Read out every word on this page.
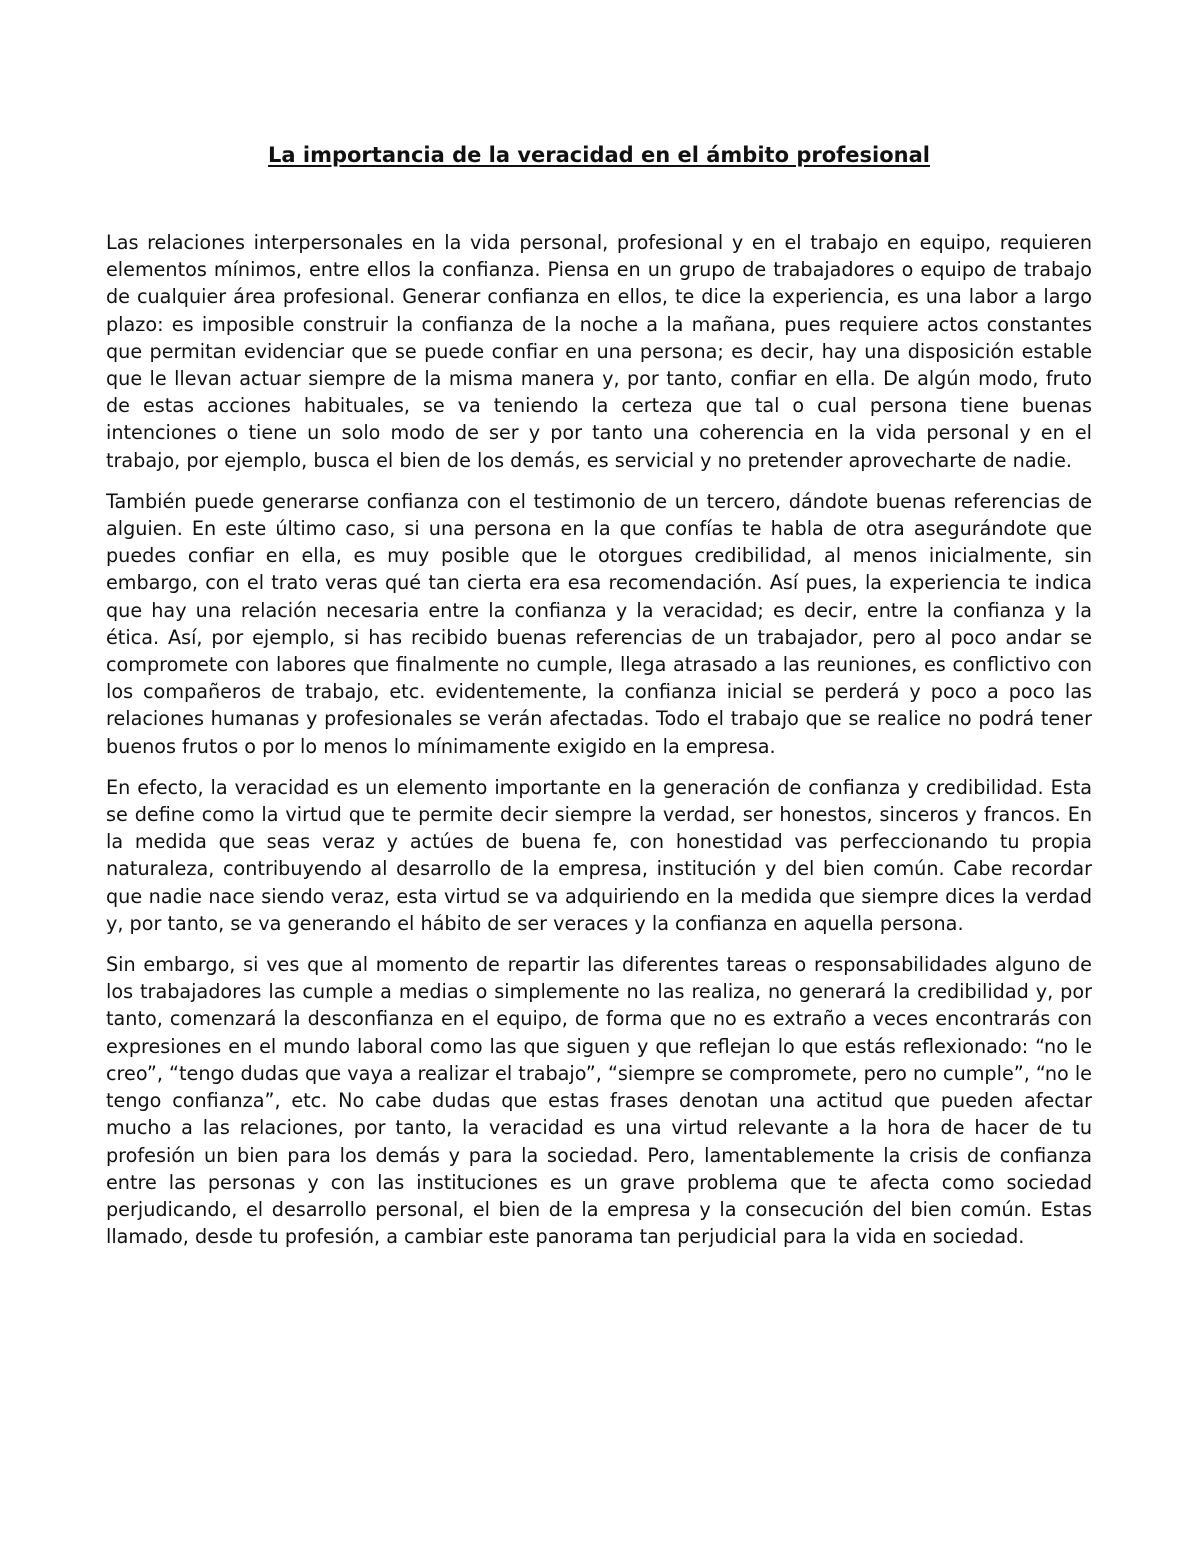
La importancia de la veracidad en el ámbito profesional

Las relaciones interpersonales en la vida personal, profesional y en el trabajo en equipo, requieren elementos mínimos, entre ellos la confianza. Piensa en un grupo de trabajadores o equipo de trabajo de cualquier área profesional. Generar confianza en ellos, te dice la experiencia, es una labor a largo plazo: es imposible construir la confianza de la noche a la mañana, pues requiere actos constantes que permitan evidenciar que se puede confiar en una persona; es decir, hay una disposición estable que le llevan actuar siempre de la misma manera y, por tanto, confiar en ella. De algún modo, fruto de estas acciones habituales, se va teniendo la certeza que tal o cual persona tiene buenas intenciones o tiene un solo modo de ser y por tanto una coherencia en la vida personal y en el trabajo, por ejemplo, busca el bien de los demás, es servicial y no pretender aprovecharte de nadie.

También puede generarse confianza con el testimonio de un tercero, dándote buenas referencias de alguien. En este último caso, si una persona en la que confías te habla de otra asegurándote que puedes confiar en ella, es muy posible que le otorgues credibilidad, al menos inicialmente, sin embargo, con el trato veras qué tan cierta era esa recomendación. Así pues, la experiencia te indica que hay una relación necesaria entre la confianza y la veracidad; es decir, entre la confianza y la ética. Así, por ejemplo, si has recibido buenas referencias de un trabajador, pero al poco andar se compromete con labores que finalmente no cumple, llega atrasado a las reuniones, es conflictivo con los compañeros de trabajo, etc. evidentemente, la confianza inicial se perderá y poco a poco las relaciones humanas y profesionales se verán afectadas. Todo el trabajo que se realice no podrá tener buenos frutos o por lo menos lo mínimamente exigido en la empresa.

En efecto, la veracidad es un elemento importante en la generación de confianza y credibilidad. Esta se define como la virtud que te permite decir siempre la verdad, ser honestos, sinceros y francos. En la medida que seas veraz y actúes de buena fe, con honestidad vas perfeccionando tu propia naturaleza, contribuyendo al desarrollo de la empresa, institución y del bien común. Cabe recordar que nadie nace siendo veraz, esta virtud se va adquiriendo en la medida que siempre dices la verdad y, por tanto, se va generando el hábito de ser veraces y la confianza en aquella persona.

Sin embargo, si ves que al momento de repartir las diferentes tareas o responsabilidades alguno de los trabajadores las cumple a medias o simplemente no las realiza, no generará la credibilidad y, por tanto, comenzará la desconfianza en el equipo, de forma que no es extraño a veces encontrarás con expresiones en el mundo laboral como las que siguen y que reflejan lo que estás reflexionado: “no le creo”, “tengo dudas que vaya a realizar el trabajo”, “siempre se compromete, pero no cumple”, “no le tengo confianza”, etc. No cabe dudas que estas frases denotan una actitud que pueden afectar mucho a las relaciones, por tanto, la veracidad es una virtud relevante a la hora de hacer de tu profesión un bien para los demás y para la sociedad. Pero, lamentablemente la crisis de confianza entre las personas y con las instituciones es un grave problema que te afecta como sociedad perjudicando, el desarrollo personal, el bien de la empresa y la consecución del bien común. Estas llamado, desde tu profesión, a cambiar este panorama tan perjudicial para la vida en sociedad.
